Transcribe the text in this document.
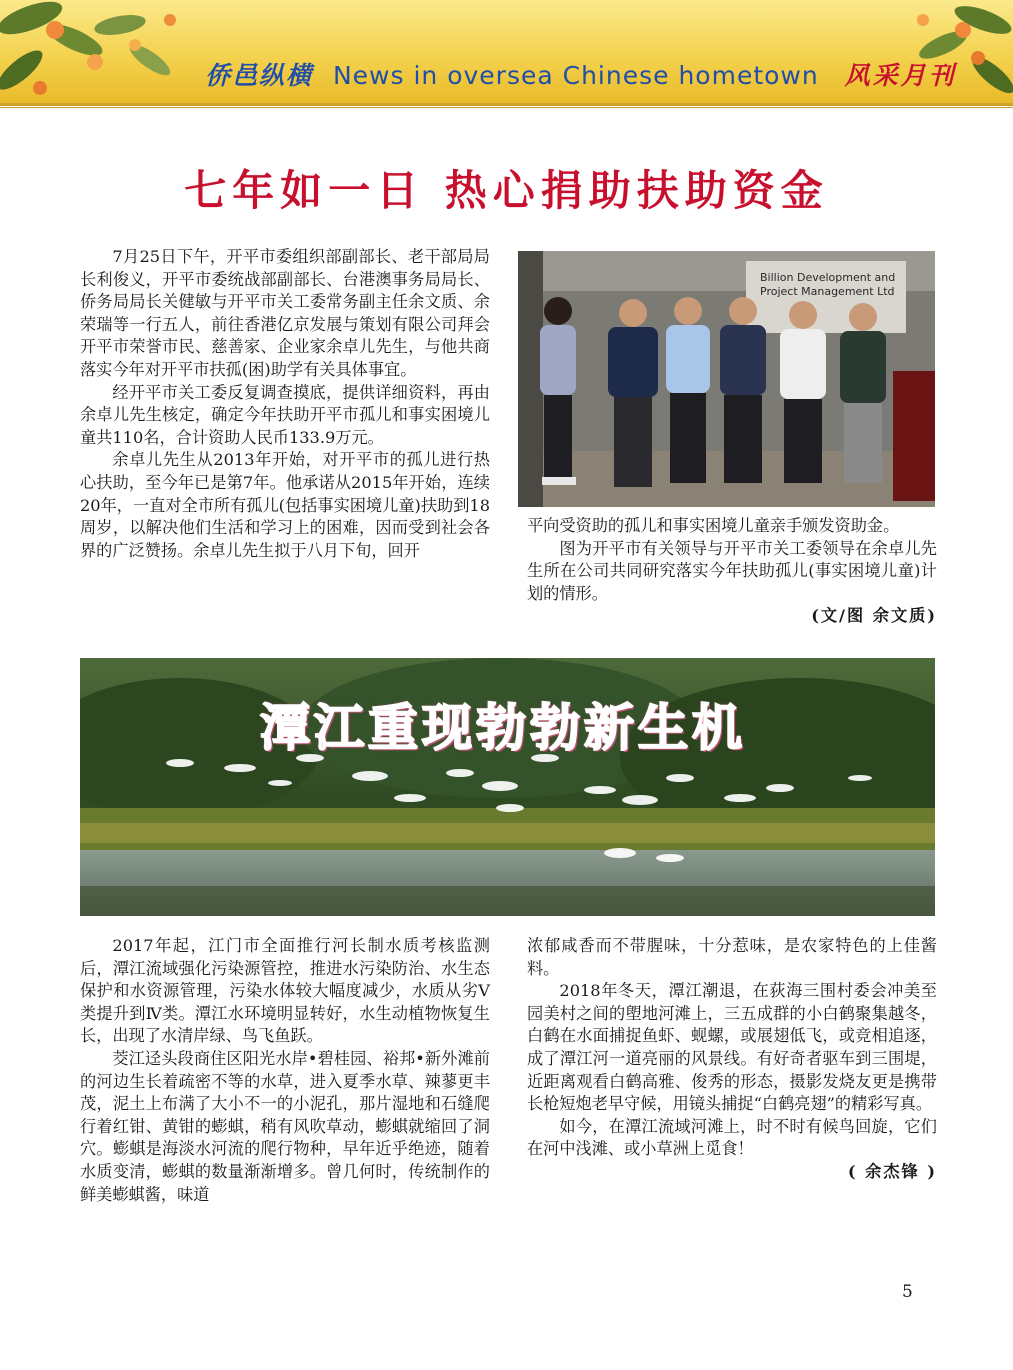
侨邑纵横 News in oversea Chinese hometown 风采月刊
七年如一日 热心捐助扶助资金

7月25日下午，开平市委组织部副部长、老干部局局长利俊义，开平市委统战部副部长、台港澳事务局局长、侨务局局长关健敏与开平市关工委常务副主任余文质、余荣瑞等一行五人，前往香港亿京发展与策划有限公司拜会开平市荣誉市民、慈善家、企业家余卓儿先生，与他共商落实今年对开平市扶孤(困)助学有关具体事宜。

经开平市关工委反复调查摸底，提供详细资料，再由余卓儿先生核定，确定今年扶助开平市孤儿和事实困境儿童共110名，合计资助人民币133.9万元。

余卓儿先生从2013年开始，对开平市的孤儿进行热心扶助，至今年已是第7年。他承诺从2015年开始，连续20年，一直对全市所有孤儿(包括事实困境儿童)扶助到18周岁，以解决他们生活和学习上的困难，因而受到社会各界的广泛赞扬。余卓儿先生拟于八月下旬，回开

Billion Development and
Project Management Ltd

平向受资助的孤儿和事实困境儿童亲手颁发资助金。

图为开平市有关领导与开平市关工委领导在余卓儿先生所在公司共同研究落实今年扶助孤儿(事实困境儿童)计划的情形。

(文/图 余文质)

潭江重现勃勃新生机

2017年起，江门市全面推行河长制水质考核监测后，潭江流域强化污染源管控，推进水污染防治、水生态保护和水资源管理，污染水体较大幅度减少，水质从劣Ⅴ类提升到Ⅳ类。潭江水环境明显转好，水生动植物恢复生长，出现了水清岸绿、鸟飞鱼跃。

茭江迳头段商住区阳光水岸•碧桂园、裕邦•新外滩前的河边生长着疏密不等的水草，进入夏季水草、辣蓼更丰茂，泥土上布满了大小不一的小泥孔，那片湿地和石缝爬行着红钳、黄钳的蟛蜞，稍有风吹草动，蟛蜞就缩回了洞穴。蟛蜞是海淡水河流的爬行物种，早年近乎绝迹，随着水质变清，蟛蜞的数量渐渐增多。曾几何时，传统制作的鲜美蟛蜞酱，味道

浓郁咸香而不带腥味，十分惹味，是农家特色的上佳酱料。

2018年冬天，潭江潮退，在荻海三围村委会冲美至园美村之间的塱地河滩上，三五成群的小白鹤聚集越冬，白鹤在水面捕捉鱼虾、蚬螺，或展翅低飞，或竞相追逐，成了潭江河一道亮丽的风景线。有好奇者驱车到三围堤，近距离观看白鹤高雅、俊秀的形态，摄影发烧友更是携带长枪短炮老早守候，用镜头捕捉“白鹤亮翅”的精彩写真。

如今，在潭江流域河滩上，时不时有候鸟回旋，它们在河中浅滩、或小草洲上觅食！

( 余杰锋 )

5
